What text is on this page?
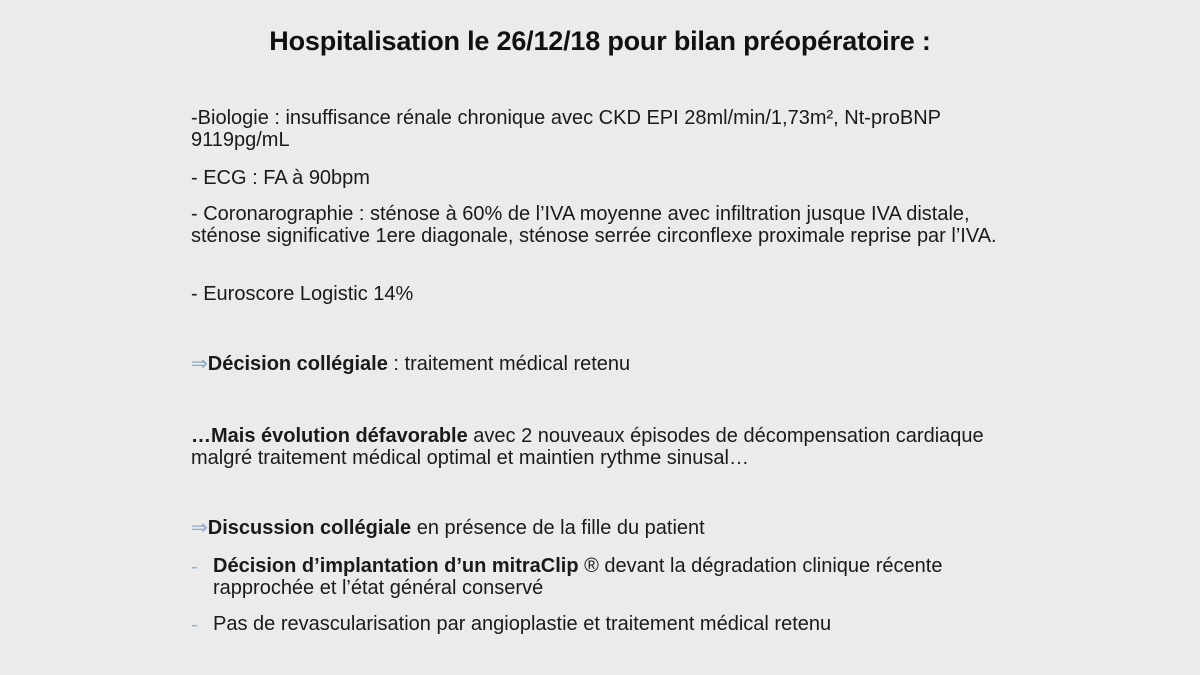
Hospitalisation le 26/12/18 pour bilan préopératoire :

-Biologie : insuffisance rénale chronique avec CKD EPI 28ml/min/1,73m², Nt-proBNP 9119pg/mL

- ECG : FA à 90bpm

- Coronarographie : sténose à 60% de l’IVA moyenne avec infiltration jusque IVA distale, sténose significative 1ere diagonale, sténose serrée circonflexe proximale reprise par l’IVA.

- Euroscore Logistic 14%

⇒Décision collégiale : traitement médical retenu
…Mais évolution défavorable avec 2 nouveaux épisodes de décompensation cardiaque malgré traitement médical optimal et maintien rythme sinusal…
⇒Discussion collégiale en présence de la fille du patient
- Décision d’implantation d’un mitraClip ® devant la dégradation clinique récente rapprochée et l’état général conservé
- Pas de revascularisation par angioplastie et traitement médical retenu
